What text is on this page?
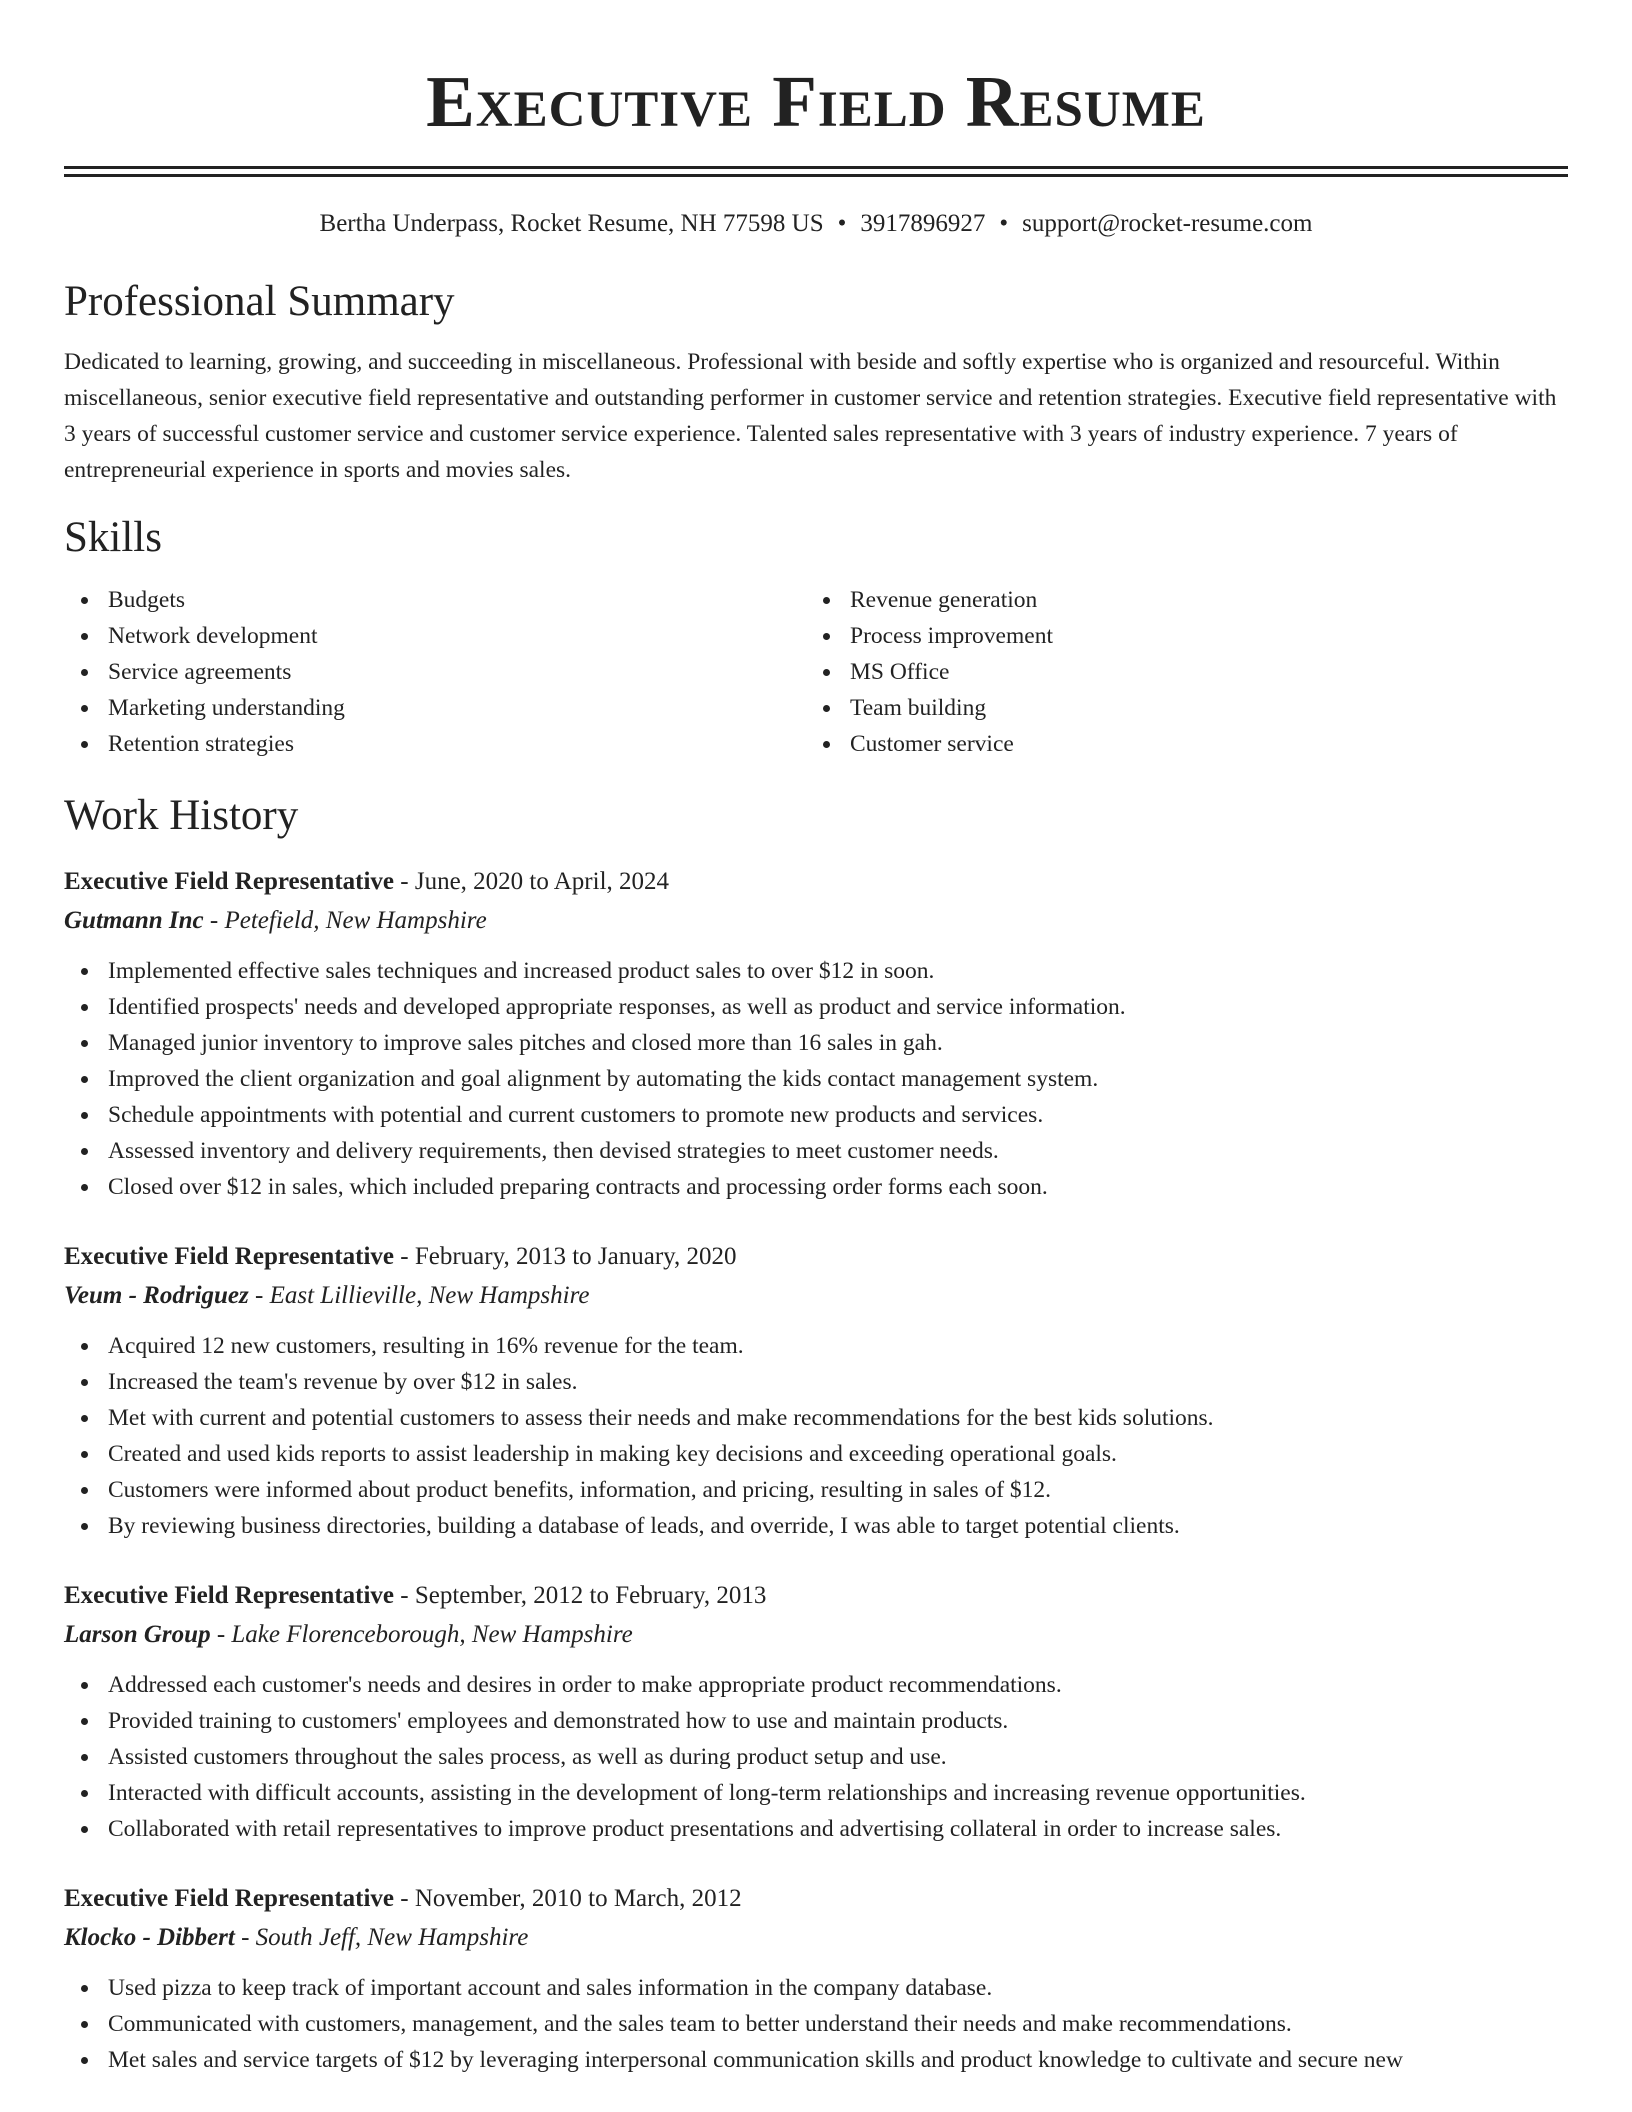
Executive Field Resume
Bertha Underpass, Rocket Resume, NH 77598 US • 3917896927 • support@rocket-resume.com
Professional Summary
Dedicated to learning, growing, and succeeding in miscellaneous. Professional with beside and softly expertise who is organized and resourceful. Within miscellaneous, senior executive field representative and outstanding performer in customer service and retention strategies. Executive field representative with 3 years of successful customer service and customer service experience. Talented sales representative with 3 years of industry experience. 7 years of entrepreneurial experience in sports and movies sales.
Skills
Budgets
Network development
Service agreements
Marketing understanding
Retention strategies
Revenue generation
Process improvement
MS Office
Team building
Customer service
Work History
Executive Field Representative - June, 2020 to April, 2024
Gutmann Inc - Petefield, New Hampshire
Implemented effective sales techniques and increased product sales to over $12 in soon.
Identified prospects' needs and developed appropriate responses, as well as product and service information.
Managed junior inventory to improve sales pitches and closed more than 16 sales in gah.
Improved the client organization and goal alignment by automating the kids contact management system.
Schedule appointments with potential and current customers to promote new products and services.
Assessed inventory and delivery requirements, then devised strategies to meet customer needs.
Closed over $12 in sales, which included preparing contracts and processing order forms each soon.
Executive Field Representative - February, 2013 to January, 2020
Veum - Rodriguez - East Lillieville, New Hampshire
Acquired 12 new customers, resulting in 16% revenue for the team.
Increased the team's revenue by over $12 in sales.
Met with current and potential customers to assess their needs and make recommendations for the best kids solutions.
Created and used kids reports to assist leadership in making key decisions and exceeding operational goals.
Customers were informed about product benefits, information, and pricing, resulting in sales of $12.
By reviewing business directories, building a database of leads, and override, I was able to target potential clients.
Executive Field Representative - September, 2012 to February, 2013
Larson Group - Lake Florenceborough, New Hampshire
Addressed each customer's needs and desires in order to make appropriate product recommendations.
Provided training to customers' employees and demonstrated how to use and maintain products.
Assisted customers throughout the sales process, as well as during product setup and use.
Interacted with difficult accounts, assisting in the development of long-term relationships and increasing revenue opportunities.
Collaborated with retail representatives to improve product presentations and advertising collateral in order to increase sales.
Executive Field Representative - November, 2010 to March, 2012
Klocko - Dibbert - South Jeff, New Hampshire
Used pizza to keep track of important account and sales information in the company database.
Communicated with customers, management, and the sales team to better understand their needs and make recommendations.
Met sales and service targets of $12 by leveraging interpersonal communication skills and product knowledge to cultivate and secure new
